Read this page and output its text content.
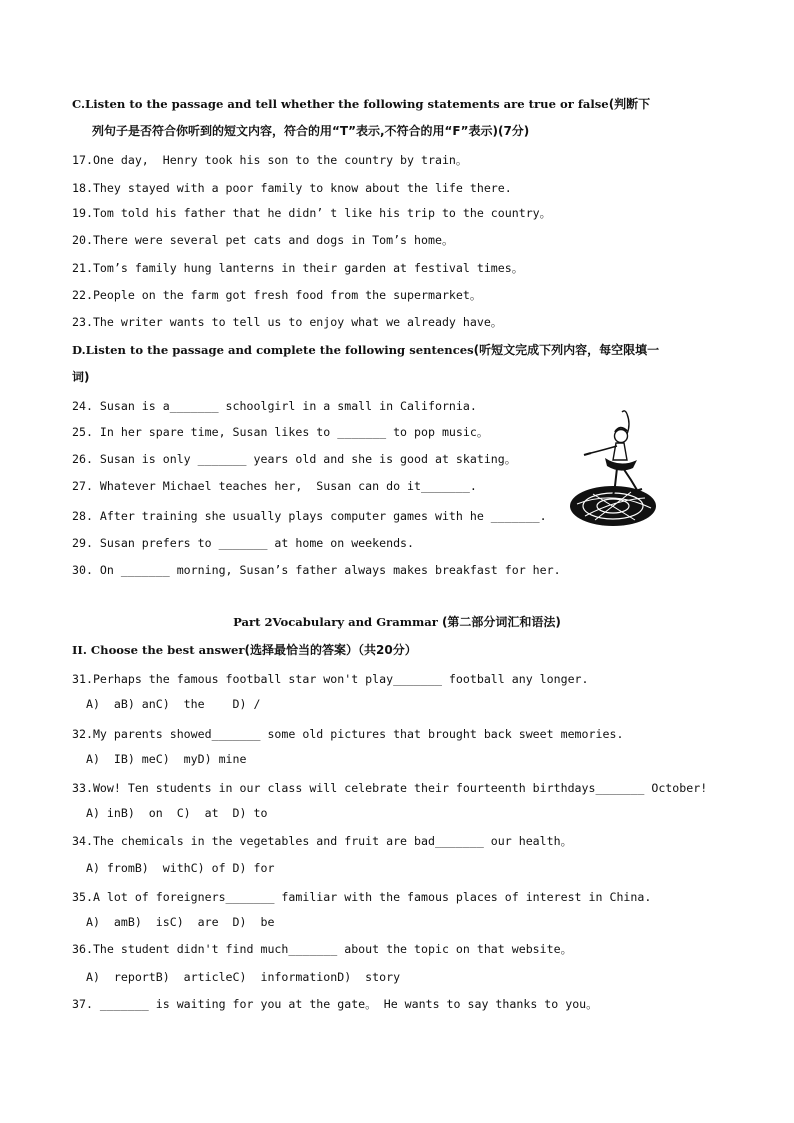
C.Listen to the passage and tell whether the following statements are true or false(判断下
列句子是否符合你听到的短文内容，符合的用“T”表示,不符合的用“F”表示)(7分)
17.One day,  Henry took his son to the country by train。
18.They stayed with a poor family to know about the life there.
19.Tom told his father that he didn’ t like his trip to the country。
20.There were several pet cats and dogs in Tom’s home。
21.Tom’s family hung lanterns in their garden at festival times。
22.People on the farm got fresh food from the supermarket。
23.The writer wants to tell us to enjoy what we already have。
D.Listen to the passage and complete the following sentences(听短文完成下列内容，每空限填一
词)
24. Susan is a_______ schoolgirl in a small in California.
25. In her spare time, Susan likes to _______ to pop music。
26. Susan is only _______ years old and she is good at skating。
27. Whatever Michael teaches her,  Susan can do it_______.
28. After training she usually plays computer games with he _______.
29. Susan prefers to _______ at home on weekends.
30. On _______ morning, Susan’s father always makes breakfast for her.
Part 2Vocabulary and Grammar (第二部分词汇和语法)
II. Choose the best answer(选择最恰当的答案）（共20分）
31.Perhaps the famous football star won't play_______ football any longer.
A)  aB) anC)  the    D) /
32.My parents showed_______ some old pictures that brought back sweet memories.
A)  IB) meC)  myD) mine
33.Wow! Ten students in our class will celebrate their fourteenth birthdays_______ October!
A) inB)  on  C)  at  D) to
34.The chemicals in the vegetables and fruit are bad_______ our health。
A) fromB)  withC) of D) for
35.A lot of foreigners_______ familiar with the famous places of interest in China.
A)  amB)  isC)  are  D)  be
36.The student didn't find much_______ about the topic on that website。
A)  reportB)  articleC)  informationD)  story
37. _______ is waiting for you at the gate。 He wants to say thanks to you。
